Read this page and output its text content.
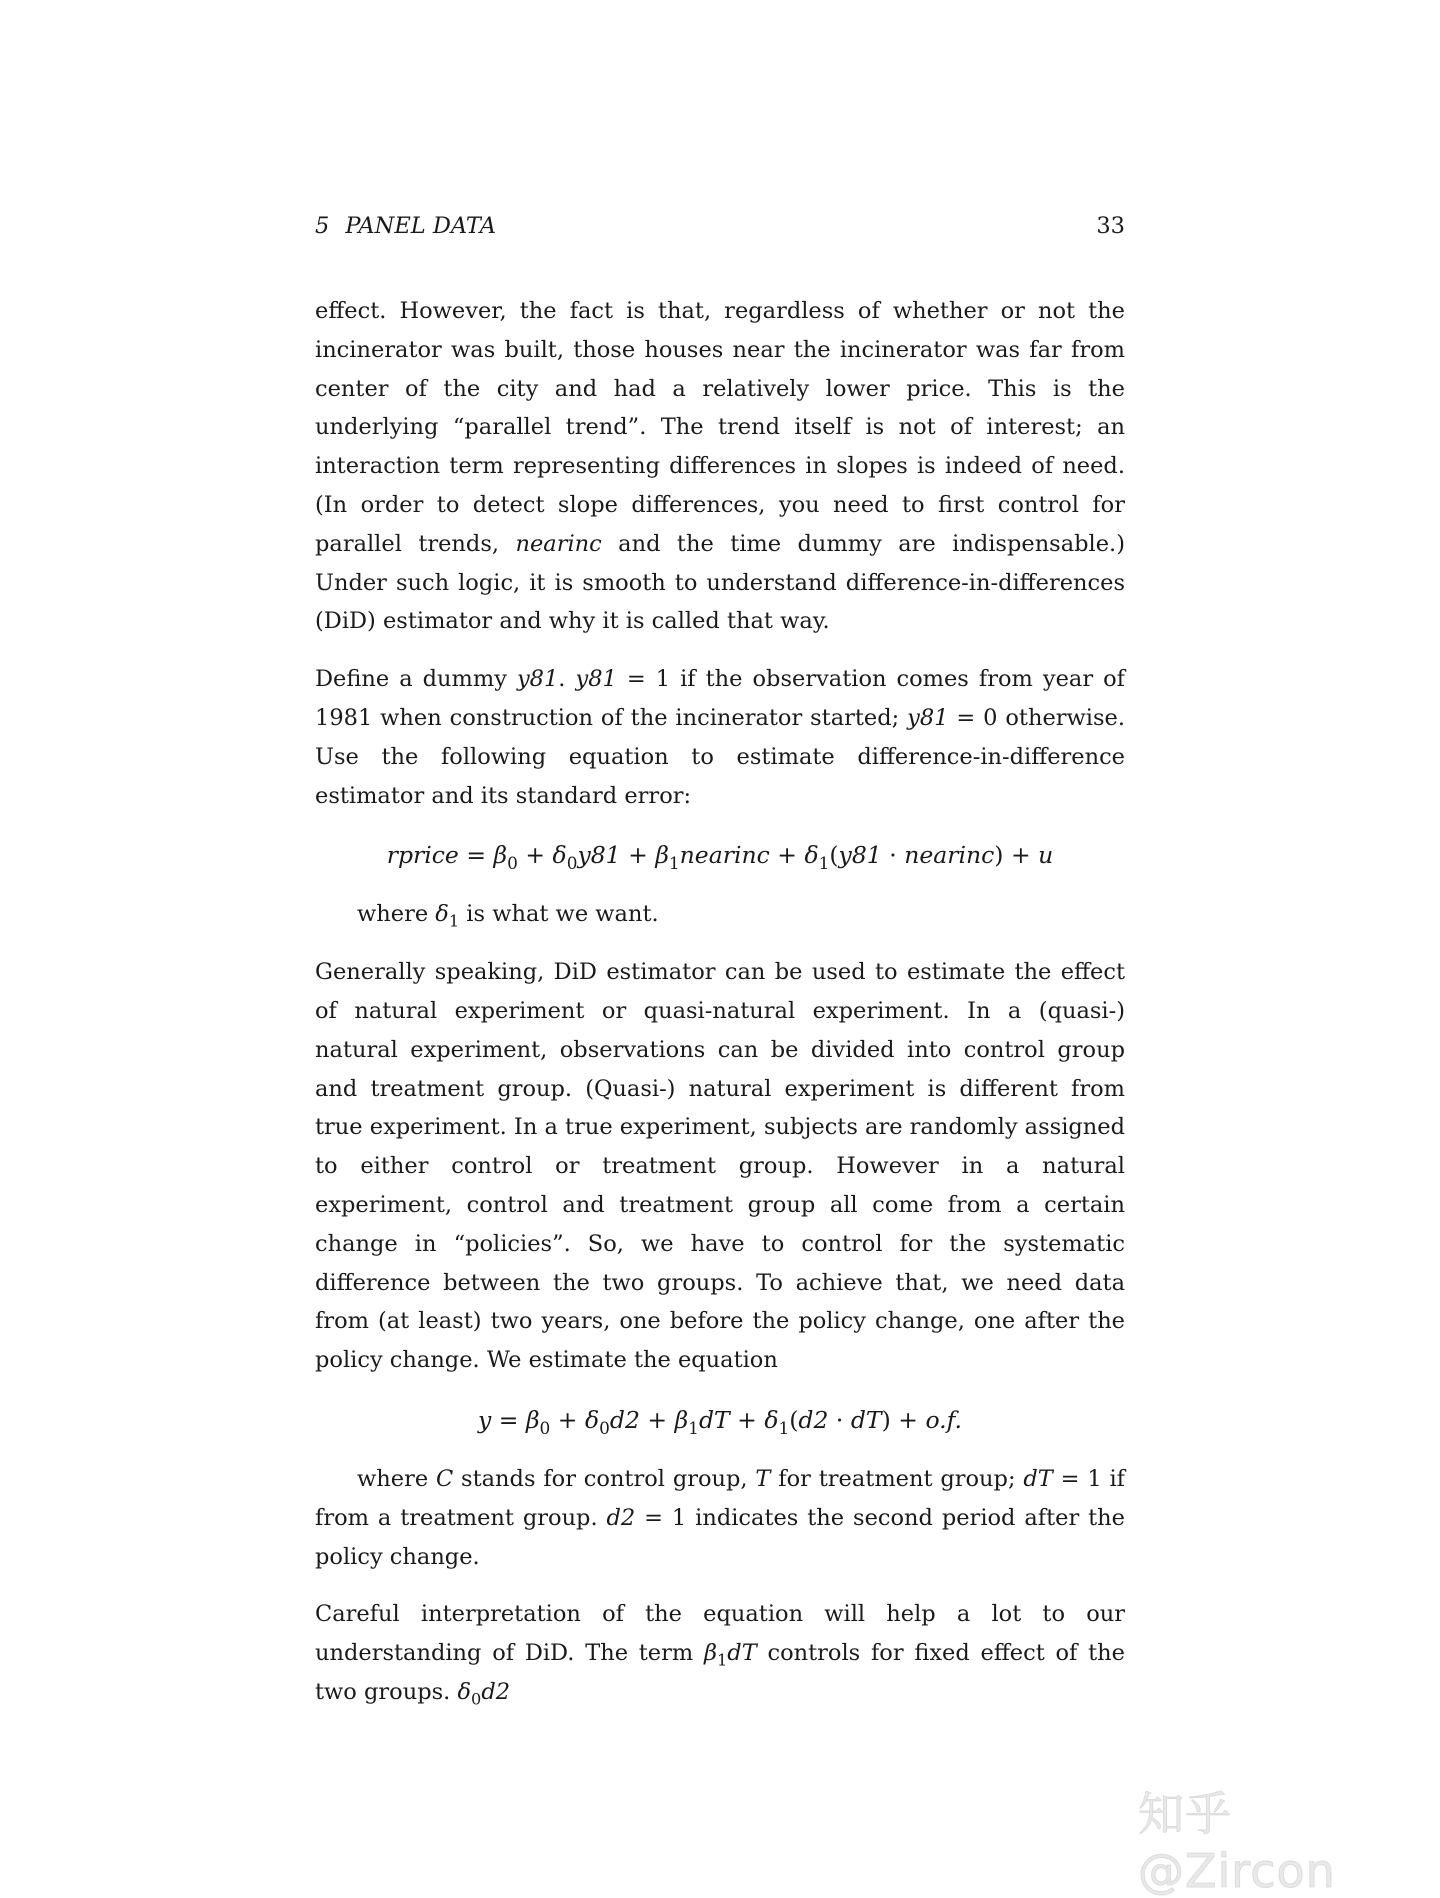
5 PANEL DATA	33

effect. However, the fact is that, regardless of whether or not the incinerator was built, those houses near the incinerator was far from center of the city and had a relatively lower price. This is the underlying “parallel trend”. The trend itself is not of interest; an interaction term representing differences in slopes is indeed of need. (In order to detect slope differences, you need to first control for parallel trends, nearinc and the time dummy are indispensable.) Under such logic, it is smooth to understand difference-in-differences (DiD) estimator and why it is called that way.

Define a dummy y81. y81 = 1 if the observation comes from year of 1981 when construction of the incinerator started; y81 = 0 otherwise. Use the following equation to estimate difference-in-difference estimator and its standard error:

rprice = $\beta_0 + \delta_0y81$ + $\beta_1nearinc + \delta_1(y81$ · nearinc) + u

where $\delta_1$ is what we want.

Generally speaking, DiD estimator can be used to estimate the effect of natural experiment or quasi-natural experiment. In a (quasi-) natural experiment, observations can be divided into control group and treatment group. (Quasi-) natural experiment is different from true experiment. In a true experiment, subjects are randomly assigned to either control or treatment group. However in a natural experiment, control and treatment group all come from a certain change in “policies”. So, we have to control for the systematic difference between the two groups. To achieve that, we need data from (at least) two years, one before the policy change, one after the policy change. We estimate the equation

$y = \beta_0 + \delta_0d2 + \beta_1dT + \delta_1(d2 \cdot dT) + o.f$.

where C stands for control group, T for treatment group; dT = 1 if from a treatment group. d2 = 1 indicates the second period after the policy change.

Careful interpretation of the equation will help a lot to our understanding of DiD. The term $\beta_1dT$ controls for fixed effect of the two groups. $\delta_0d2$

知乎 @Zircon
